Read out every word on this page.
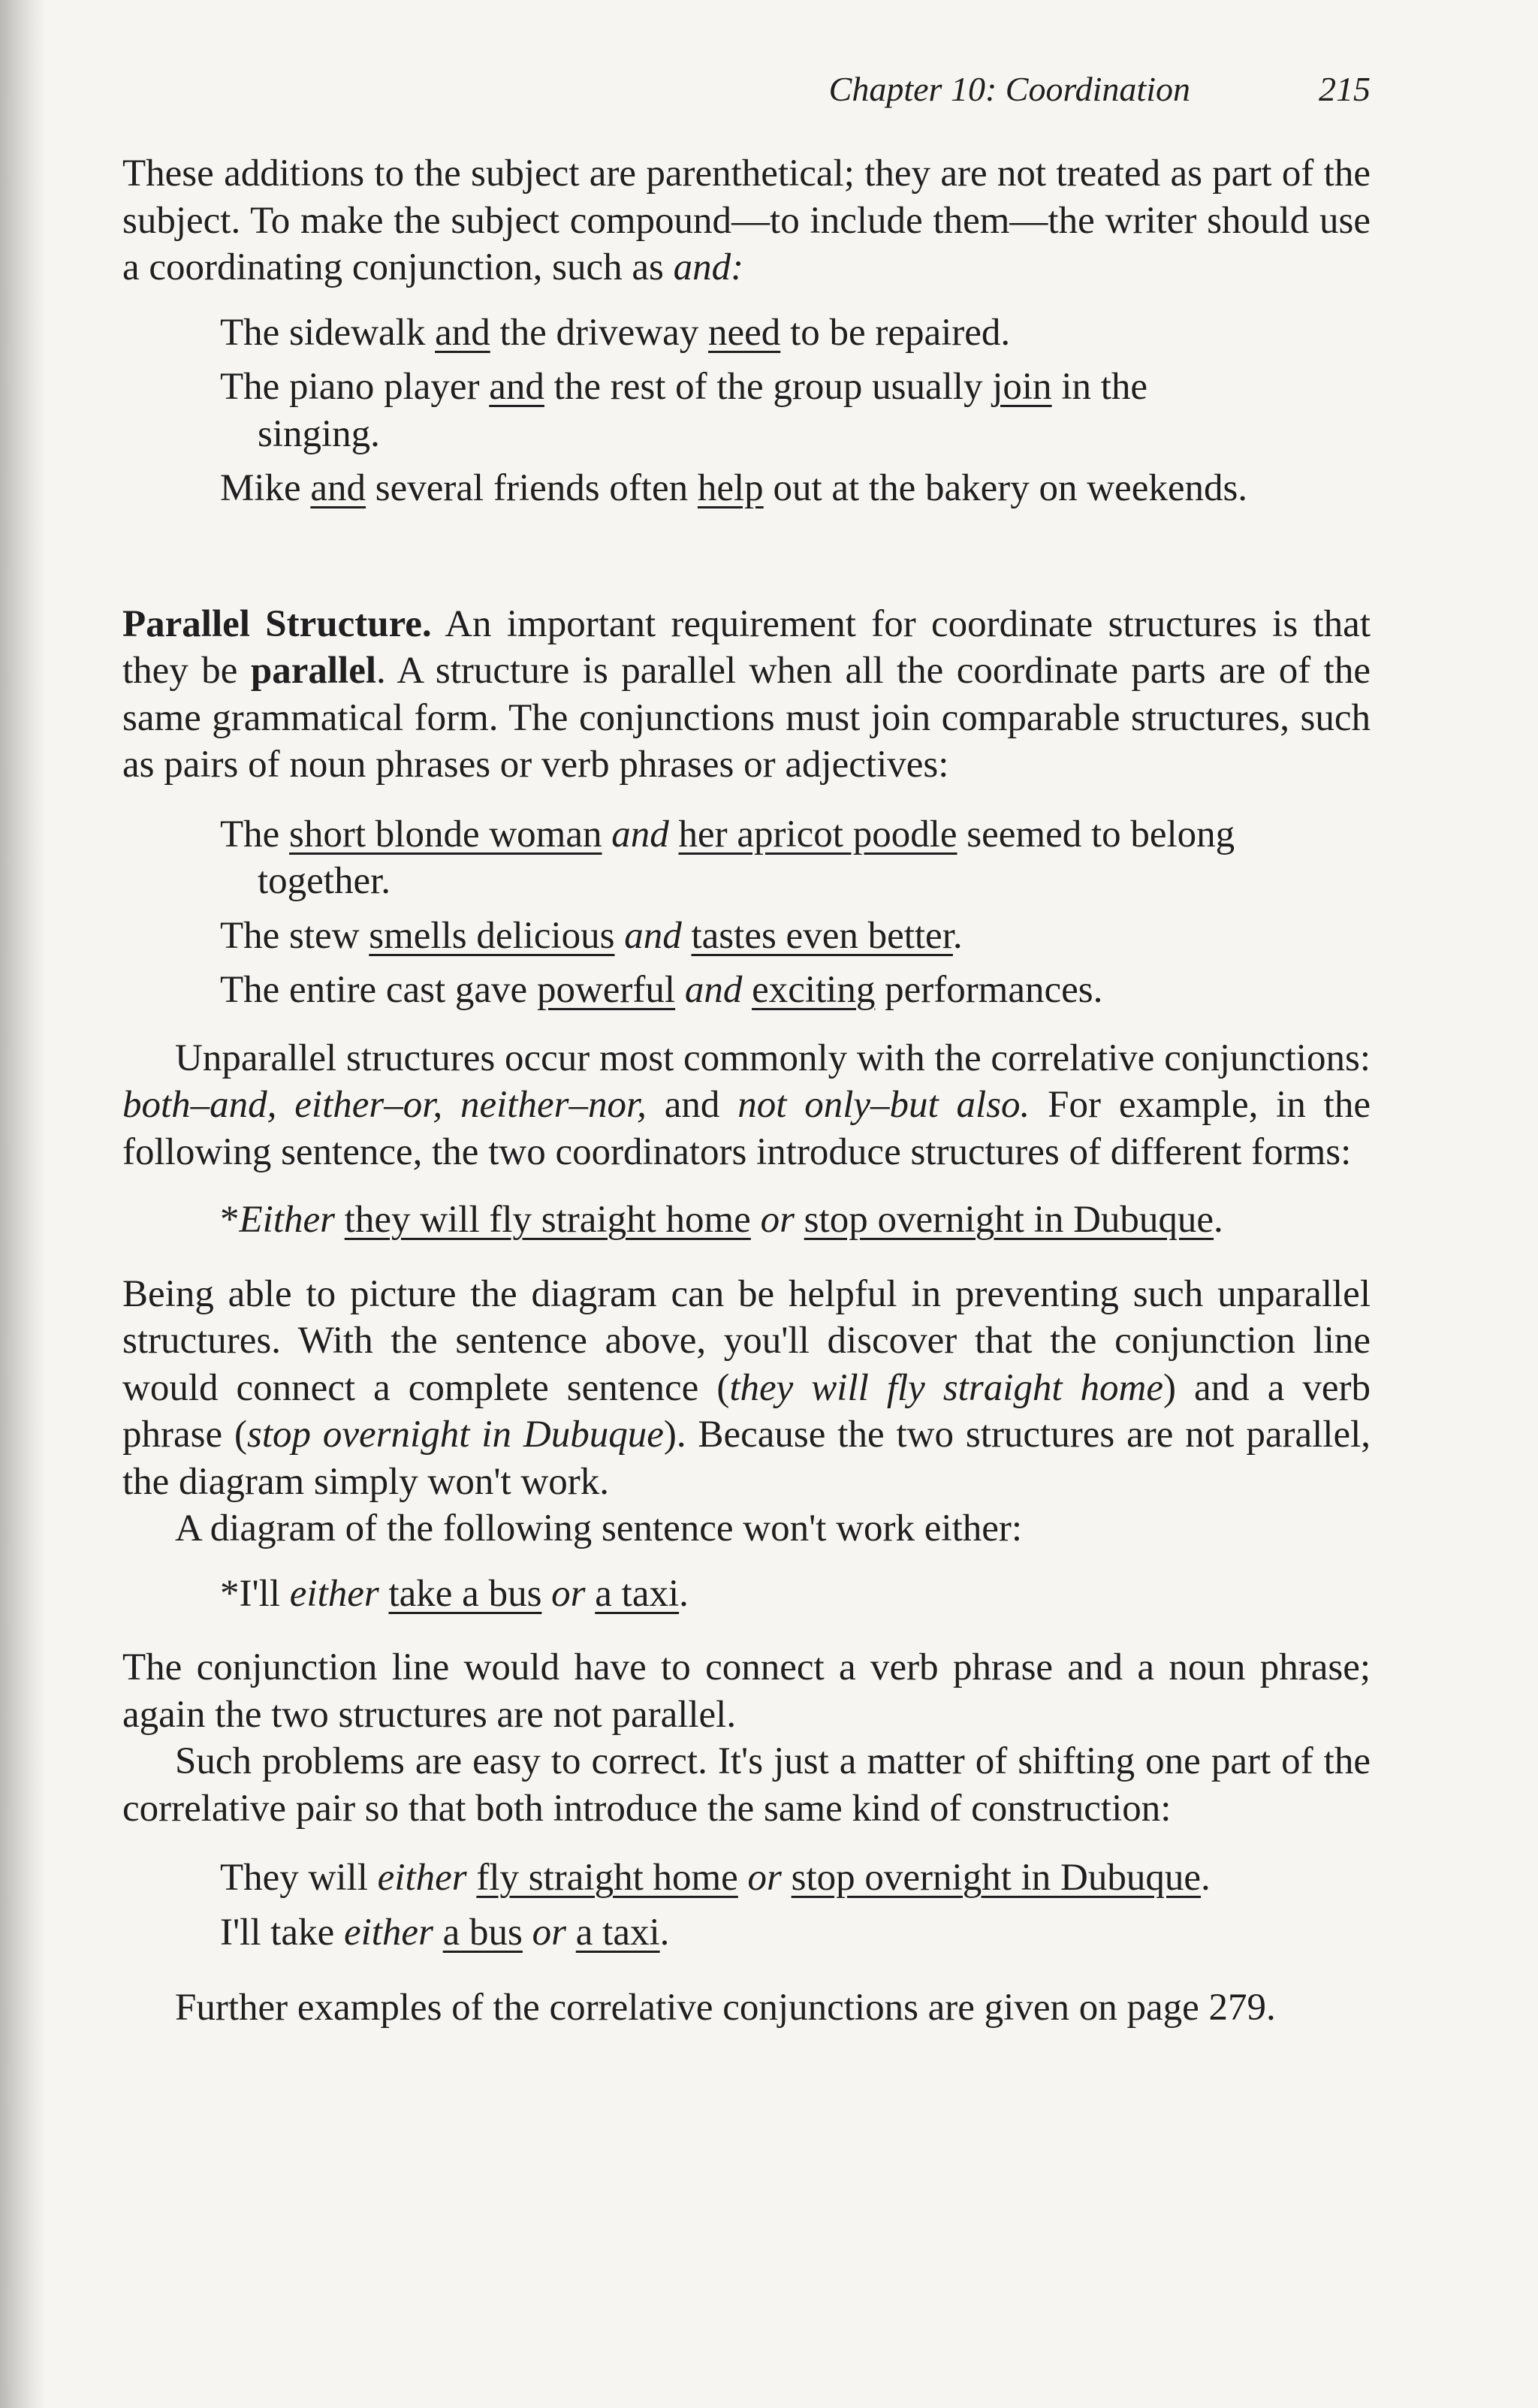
Chapter 10: Coordination	215

These additions to the subject are parenthetical; they are not treated as part of the subject. To make the subject compound—to include them—the writer should use a coordinating conjunction, such as and:

The sidewalk and the driveway need to be repaired.
The piano player and the rest of the group usually join in the
singing.
Mike and several friends often help out at the bakery on weekends.

Parallel Structure. An important requirement for coordinate structures is that they be parallel. A structure is parallel when all the coordinate parts are of the same grammatical form. The conjunctions must join comparable structures, such as pairs of noun phrases or verb phrases or adjectives:

The short blonde woman and her apricot poodle seemed to belong
together.
The stew smells delicious and tastes even better.
The entire cast gave powerful and exciting performances.

Unparallel structures occur most commonly with the correlative conjunctions: both–and, either–or, neither–nor, and not only–but also. For example, in the following sentence, the two coordinators introduce structures of different forms:

*Either they will fly straight home or stop overnight in Dubuque.

Being able to picture the diagram can be helpful in preventing such unparallel structures. With the sentence above, you'll discover that the conjunction line would connect a complete sentence (they will fly straight home) and a verb phrase (stop overnight in Dubuque). Because the two structures are not parallel, the diagram simply won't work.

A diagram of the following sentence won't work either:

*I'll either take a bus or a taxi.

The conjunction line would have to connect a verb phrase and a noun phrase; again the two structures are not parallel.

Such problems are easy to correct. It's just a matter of shifting one part of the correlative pair so that both introduce the same kind of construction:

They will either fly straight home or stop overnight in Dubuque.
I'll take either a bus or a taxi.

Further examples of the correlative conjunctions are given on page 279.
